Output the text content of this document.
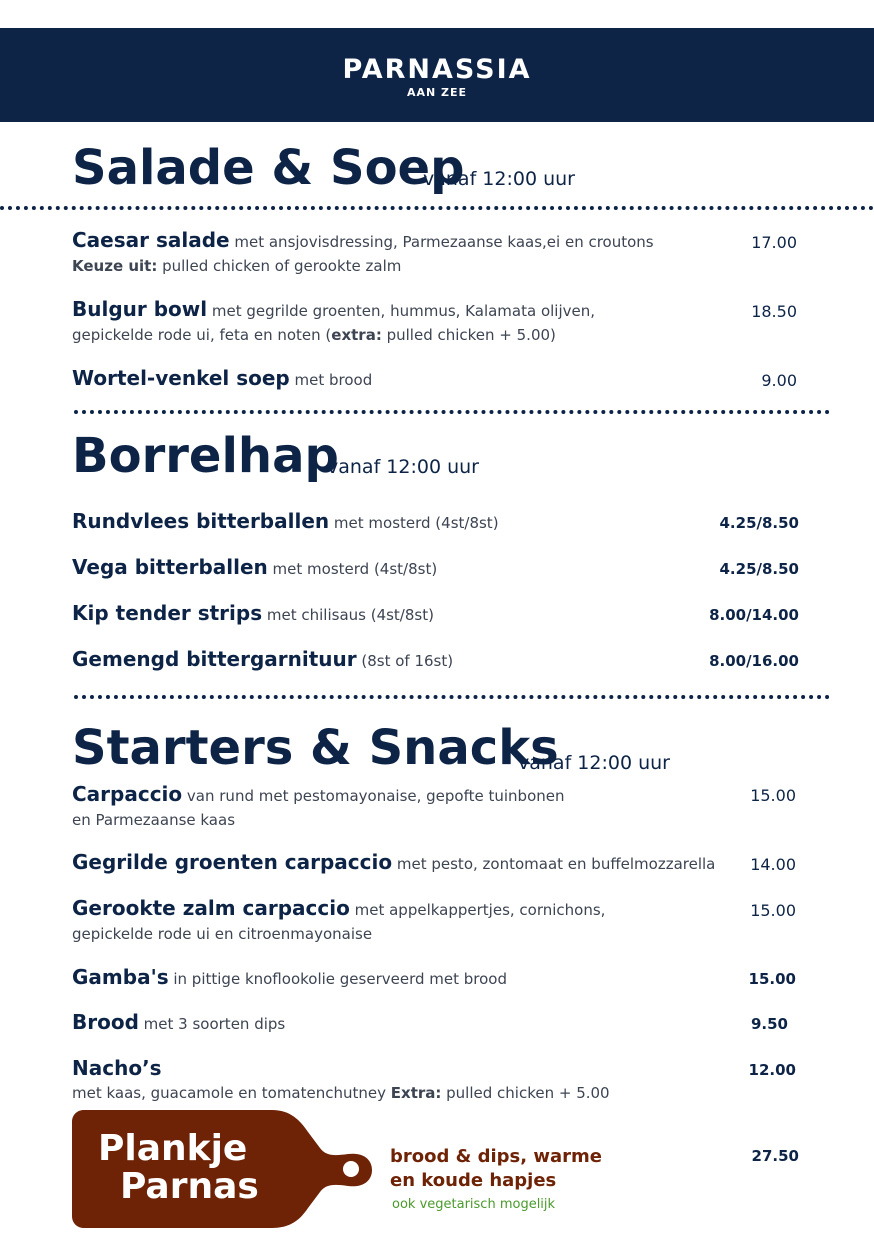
PARNASSIA
AAN ZEE
Salade & Soep
vanaf 12:00 uur
Caesar salade met ansjovisdressing, Parmezaanse kaas,ei en croutons
Keuze uit: pulled chicken of gerookte zalm
17.00
Bulgur bowl met gegrilde groenten, hummus, Kalamata olijven,
gepickelde rode ui, feta en noten (extra: pulled chicken + 5.00)
18.50
Wortel-venkel soep met brood	9.00
Borrelhap
vanaf 12:00 uur
Rundvlees bitterballen met mosterd (4st/8st)	4.25/8.50
Vega bitterballen met mosterd (4st/8st)	4.25/8.50
Kip tender strips met chilisaus (4st/8st)	8.00/14.00
Gemengd bittergarnituur (8st of 16st)	8.00/16.00
Starters & Snacks
vanaf 12:00 uur
Carpaccio van rund met pestomayonaise, gepofte tuinbonen
en Parmezaanse kaas
15.00
Gegrilde groenten carpaccio met pesto, zontomaat en buffelmozzarella 14.00
Gerookte zalm carpaccio met appelkappertjes, cornichons,
gepickelde rode ui en citroenmayonaise
15.00
Gamba's in pittige knoflookolie geserveerd met brood	15.00
Brood met 3 soorten dips	9.50
Nacho’s
met kaas, guacamole en tomatenchutney Extra: pulled chicken + 5.00
12.00
Plankje
Parnas
brood & dips, warme
en koude hapjes
ook vegetarisch mogelijk
27.50
